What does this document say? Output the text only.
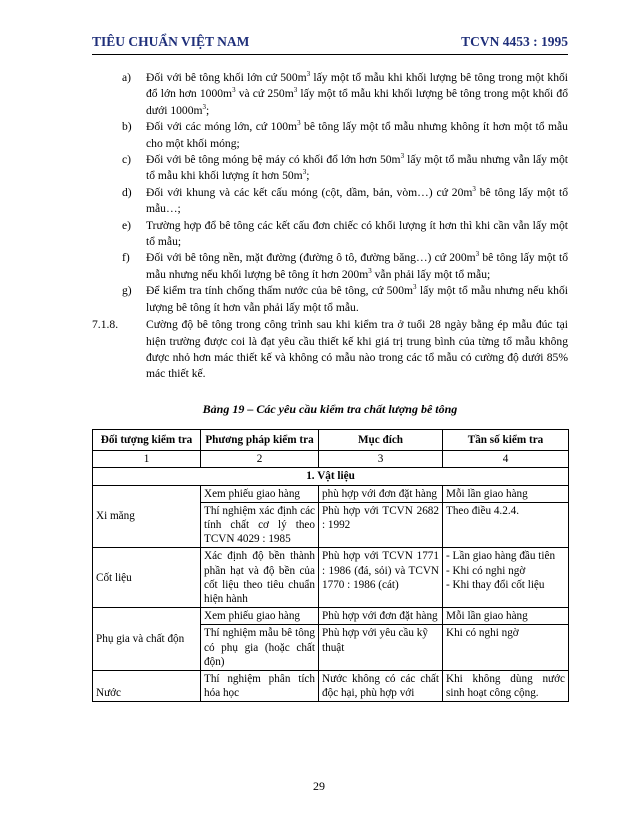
TIÊU CHUẨN VIỆT NAM	TCVN 4453 : 1995
a) Đối với bê tông khối lớn cứ $500m^3$ lấy một tổ mẫu khi khối lượng bê tông trong một khối đổ lớn hơn $1000m^3$ và cứ $250m^3$ lấy một tổ mẫu khi khối lượng bê tông trong một khối đổ dưới $1000m^3$;
b) Đối với các móng lớn, cứ $100m^3$ bê tông lấy một tổ mẫu nhưng không ít hơn một tổ mẫu cho một khối móng;
c) Đối với bê tông móng bệ máy có khối đổ lớn hơn $50m^3$ lấy một tổ mẫu nhưng vẫn lấy một tổ mẫu khi khối lượng ít hơn $50m^3$;
d) Đối với khung và các kết cấu móng (cột, dầm, bản, vòm…) cứ $20m^3$ bê tông lấy một tổ mẫu…;
e) Trường hợp đổ bê tông các kết cấu đơn chiếc có khối lượng ít hơn thì khi cần vẫn lấy một tổ mẫu;
f) Đối với bê tông nền, mặt đường (đường ô tô, đường băng…) cứ $200m^3$ bê tông lấy một tổ mẫu nhưng nếu khối lượng bê tông ít hơn $200m^3$ vẫn phải lấy một tổ mẫu;
g) Để kiểm tra tính chống thấm nước của bê tông, cứ $500m^3$ lấy một tổ mẫu nhưng nếu khối lượng bê tông ít hơn vẫn phải lấy một tổ mẫu.
7.1.8. Cường độ bê tông trong công trình sau khi kiểm tra ở tuổi 28 ngày bằng ép mẫu đúc tại hiện trường được coi là đạt yêu cầu thiết kế khi giá trị trung bình của từng tổ mẫu không được nhỏ hơn mác thiết kế và không có mẫu nào trong các tổ mẫu có cường độ dưới 85% mác thiết kế.
Bảng 19 – Các yêu cầu kiểm tra chất lượng bê tông
Đối tượng kiểm tra	Phương pháp kiểm tra	Mục đích	Tần số kiểm tra
1	2	3	4
1. Vật liệu			
Xi măng	Xem phiếu giao hàng	phù hợp với đơn đặt hàng	Mỗi lần giao hàng
	Thí nghiệm xác định các tính chất cơ lý theo TCVN 4029 : 1985	Phù hợp với TCVN 2682 : 1992	Theo điều 4.2.4.
Cốt liệu	Xác định độ bền thành phần hạt và độ bền của cốt liệu theo tiêu chuẩn hiện hành	Phù hợp với TCVN 1771 : 1986 (đá, sỏi) và TCVN 1770 : 1986 (cát)	- Lần giao hàng đầu tiên
- Khi có nghi ngờ
- Khi thay đổi cốt liệu

Phụ gia và chất độn	Xem phiếu giao hàng	Phù hợp với đơn đặt hàng	Mỗi lần giao hàng
	Thí nghiệm mẫu bê tông có phụ gia (hoặc chất độn)	Phù hợp với yêu cầu kỹ thuật	Khi có nghi ngờ
Nước	Thí nghiệm phân tích hóa học	Nước không có các chất độc hại, phù hợp với	Khi không dùng nước sinh hoạt công cộng.
29
